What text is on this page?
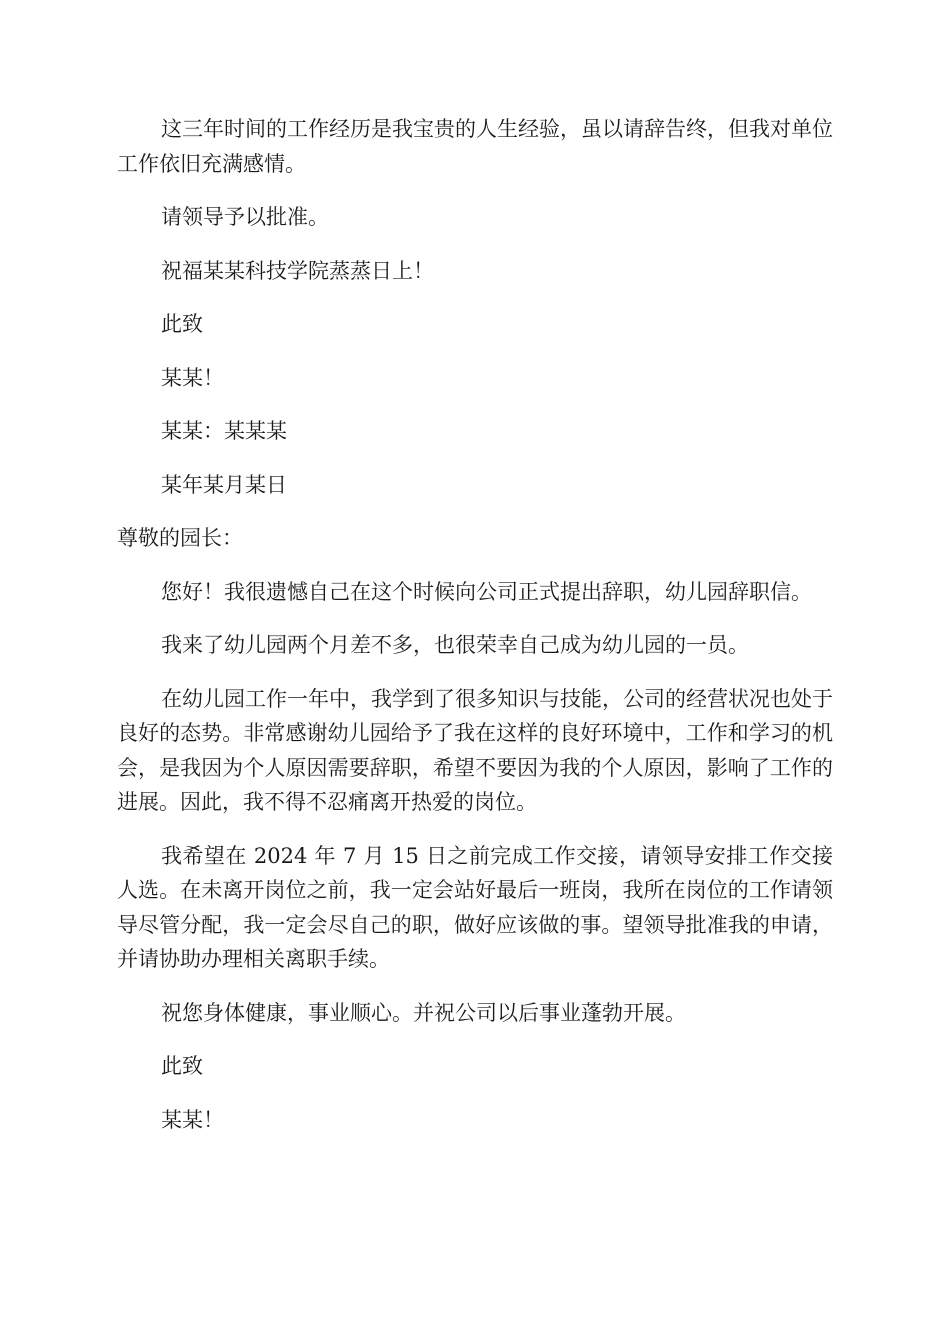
这三年时间的工作经历是我宝贵的人生经验，虽以请辞告终，但我对单位工作依旧充满感情。

请领导予以批准。

祝福某某科技学院蒸蒸日上！

此致

某某！

某某：某某某

某年某月某日

尊敬的园长：

您好！我很遗憾自己在这个时候向公司正式提出辞职，幼儿园辞职信。

我来了幼儿园两个月差不多，也很荣幸自己成为幼儿园的一员。

在幼儿园工作一年中，我学到了很多知识与技能，公司的经营状况也处于良好的态势。非常感谢幼儿园给予了我在这样的良好环境中，工作和学习的机会，是我因为个人原因需要辞职，希望不要因为我的个人原因，影响了工作的进展。因此，我不得不忍痛离开热爱的岗位。

我希望在 2024 年 7 月 15 日之前完成工作交接，请领导安排工作交接人选。在未离开岗位之前，我一定会站好最后一班岗，我所在岗位的工作请领导尽管分配，我一定会尽自己的职，做好应该做的事。望领导批准我的申请，并请协助办理相关离职手续。

祝您身体健康，事业顺心。并祝公司以后事业蓬勃开展。

此致

某某！
